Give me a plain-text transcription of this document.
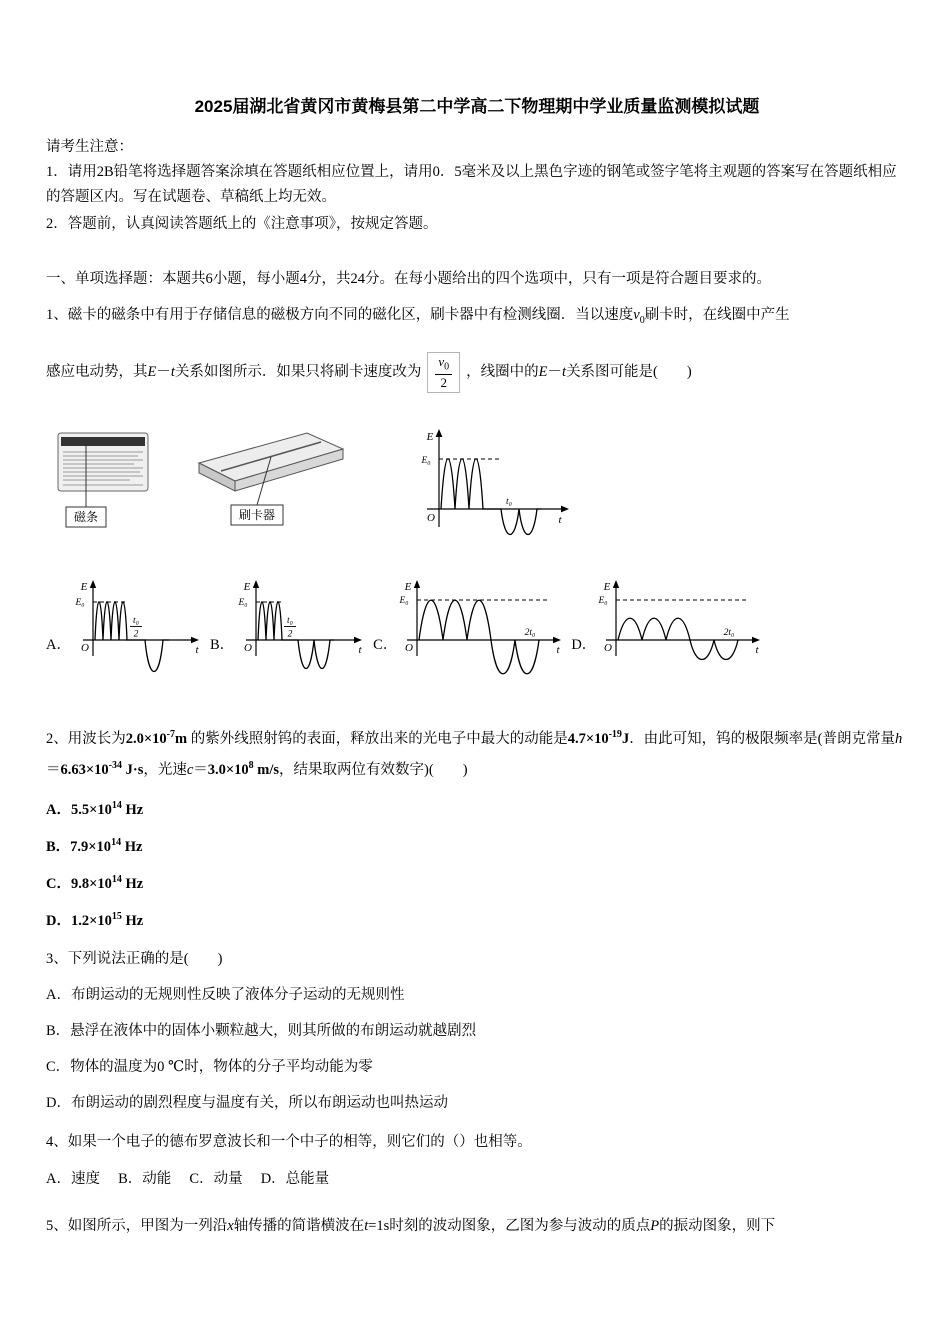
2025届湖北省黄冈市黄梅县第二中学高二下物理期中学业质量监测模拟试题
请考生注意：
1．请用2B铅笔将选择题答案涂填在答题纸相应位置上，请用0．5毫米及以上黑色字迹的钢笔或签字笔将主观题的答案写在答题纸相应的答题区内。写在试题卷、草稿纸上均无效。
2．答题前，认真阅读答题纸上的《注意事项》，按规定答题。
一、单项选择题：本题共6小题，每小题4分，共24分。在每小题给出的四个选项中，只有一项是符合题目要求的。
1、磁卡的磁条中有用于存储信息的磁极方向不同的磁化区，刷卡器中有检测线圈．当以速度$v_0$刷卡时，在线圈中产生
感应电动势，其E－t关系如图所示．如果只将刷卡速度改为 $\frac{v_0}{2}$ ，线圈中的E－t关系图可能是(  )
磁条	刷卡器
E
E₀
O
t₀
t
A．
E
E₀
t₀
2
O	t B．
E
E₀
t₀
2
O	t C．
E
E₀
2t₀
O	t D．
E
E₀
2t₀
O	t
2、用波长为$2.0\times 10^{-7}m$ 的紫外线照射钨的表面，释放出来的光电子中最大的动能是$4.7\times 10^{-19}J$．由此可知，钨的极限频率是(普朗克常量$h=6.63\times 10^{-34}$ J·s，光速$c=3.0\times 10^8$ m/s，结果取两位有效数字)(  )
A．$5.5\times 10^{14}$ Hz
B．$7.9\times 10^{14}$ Hz
C．$9.8\times 10^{14}$ Hz
D．$1.2\times 10^{15}$ Hz
3、下列说法正确的是(　　)
A．布朗运动的无规则性反映了液体分子运动的无规则性
B．悬浮在液体中的固体小颗粒越大，则其所做的布朗运动就越剧烈
C．物体的温度为0 ℃时，物体的分子平均动能为零
D．布朗运动的剧烈程度与温度有关，所以布朗运动也叫热运动
4、如果一个电子的德布罗意波长和一个中子的相等，则它们的（）也相等。
A．速度　 B．动能 　C．动量 　D．总能量
5、如图所示，甲图为一列沿x轴传播的简谐横波在t=1s时刻的波动图象，乙图为参与波动的质点P的振动图象，则下
